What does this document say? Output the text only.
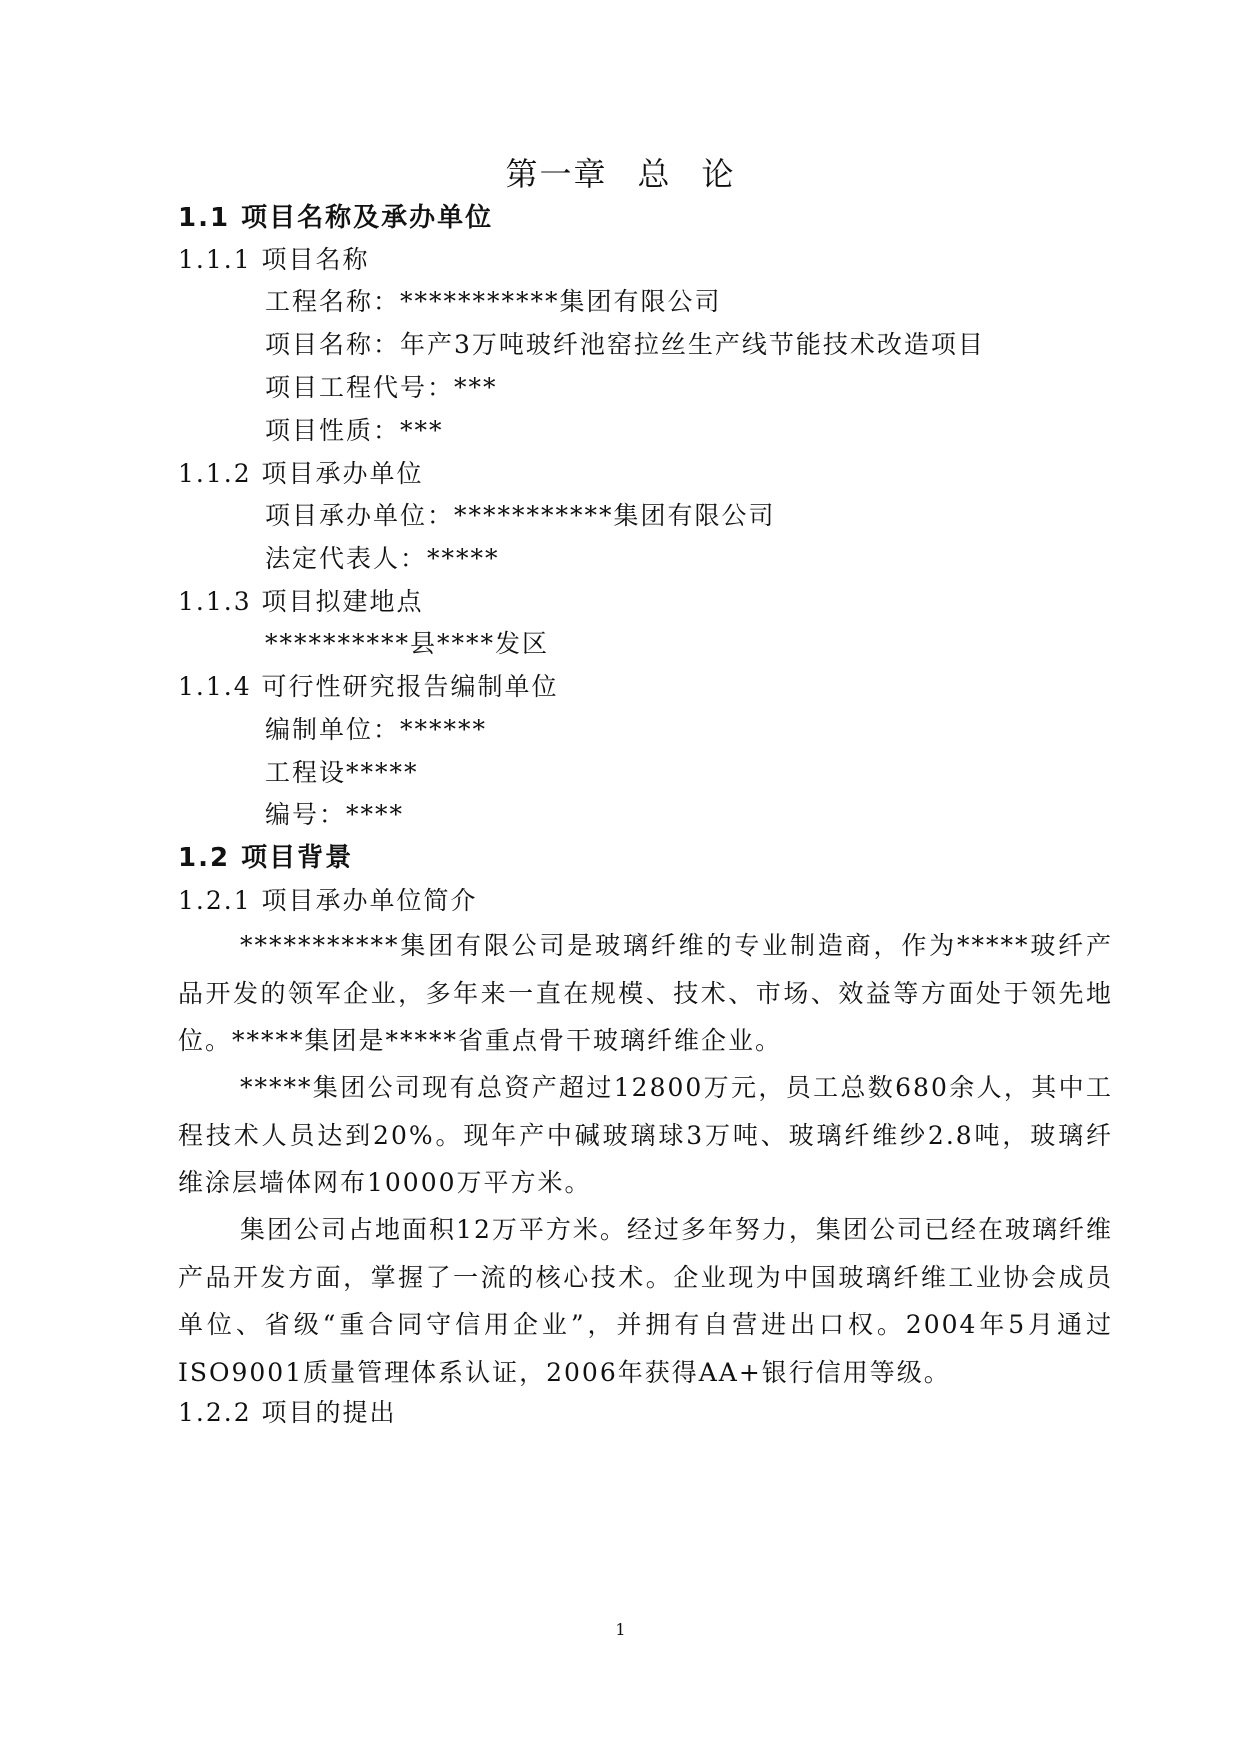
第一章 总 论
1.1 项目名称及承办单位
1.1.1 项目名称
工程名称：***********集团有限公司
项目名称：年产3万吨玻纤池窑拉丝生产线节能技术改造项目
项目工程代号：***
项目性质：***
1.1.2 项目承办单位
项目承办单位：***********集团有限公司
法定代表人：*****
1.1.3 项目拟建地点
**********县****发区
1.1.4 可行性研究报告编制单位
编制单位：******
工程设*****
编号：****
1.2 项目背景
1.2.1 项目承办单位简介
***********集团有限公司是玻璃纤维的专业制造商，作为*****玻纤产品开发的领军企业，多年来一直在规模、技术、市场、效益等方面处于领先地位。*****集团是*****省重点骨干玻璃纤维企业。
*****集团公司现有总资产超过12800万元，员工总数680余人，其中工程技术人员达到20%。现年产中碱玻璃球3万吨、玻璃纤维纱2.8吨，玻璃纤维涂层墙体网布10000万平方米。
集团公司占地面积12万平方米。经过多年努力，集团公司已经在玻璃纤维产品开发方面，掌握了一流的核心技术。企业现为中国玻璃纤维工业协会成员单位、省级“重合同守信用企业”，并拥有自营进出口权。2004年5月通过ISO9001质量管理体系认证，2006年获得AA+银行信用等级。
1.2.2 项目的提出
1
